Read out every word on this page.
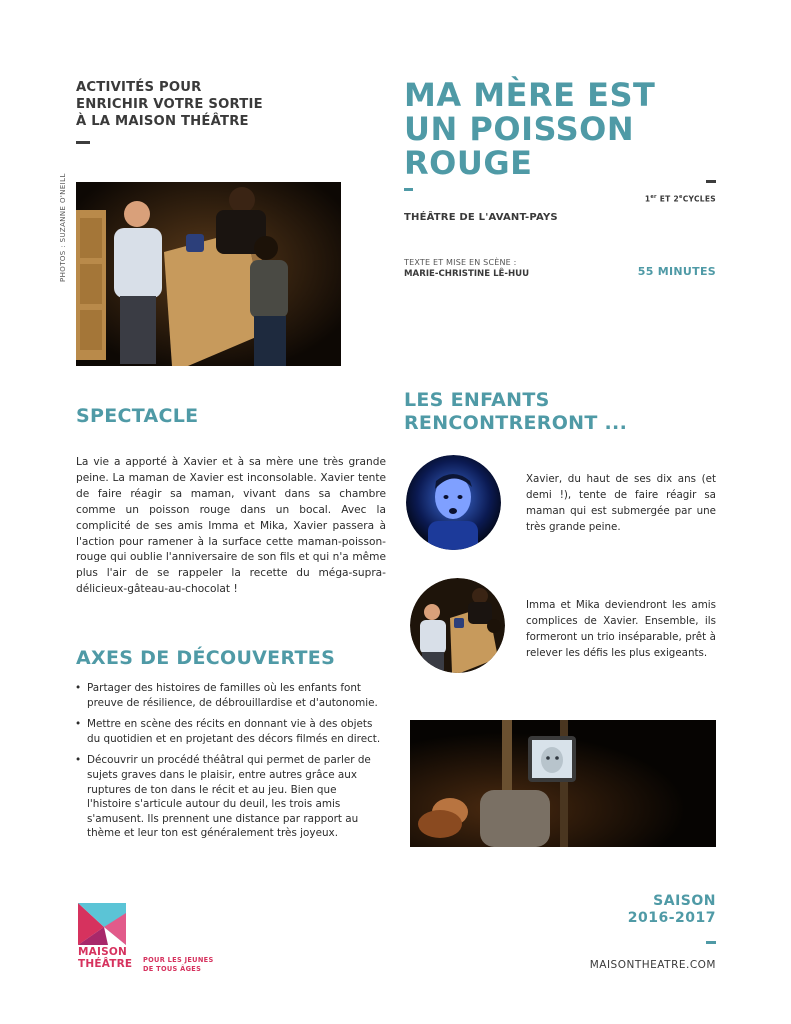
ACTIVITÉS POUR
ENRICHIR VOTRE SORTIE
À LA MAISON THÉÂTRE
PHOTOS : SUZANNE O'NEILL
MA MÈRE EST
UN POISSON
ROUGE
1er ET 2eCYCLES
THÉÂTRE DE L'AVANT-PAYS
TEXTE ET MISE EN SCÈNE :
MARIE-CHRISTINE LÊ-HUU	55 MINUTES
SPECTACLE
La vie a apporté à Xavier et à sa mère une très grande peine. La maman de Xavier est inconsolable. Xavier tente de faire réagir sa maman, vivant dans sa chambre comme un poisson rouge dans un bocal. Avec la complicité de ses amis Imma et Mika, Xavier passera à l'action pour ramener à la surface cette maman-poisson-rouge qui oublie l'anniversaire de son fils et qui n'a même plus l'air de se rappeler la recette du méga-supra-délicieux-gâteau-au-chocolat !
AXES DE DÉCOUVERTES
• Partager des histoires de familles où les enfants font preuve de résilience, de débrouillardise et d'autonomie.
• Mettre en scène des récits en donnant vie à des objets du quotidien et en projetant des décors filmés en direct.
• Découvrir un procédé théâtral qui permet de parler de sujets graves dans le plaisir, entre autres grâce aux ruptures de ton dans le récit et au jeu. Bien que l'histoire s'articule autour du deuil, les trois amis s'amusent. Ils prennent une distance par rapport au thème et leur ton est généralement très joyeux.
LES ENFANTS
RENCONTRERONT ...
Xavier, du haut de ses dix ans (et demi !), tente de faire réagir sa maman qui est submergée par une très grande peine.
Imma et Mika deviendront les amis complices de Xavier. Ensemble, ils formeront un trio inséparable, prêt à relever les défis les plus exigeants.
SAISON
2016-2017
MAISONTHEATRE.COM
MAISON
THÉÂTRE POUR LES JEUNES
DE TOUS ÂGES
